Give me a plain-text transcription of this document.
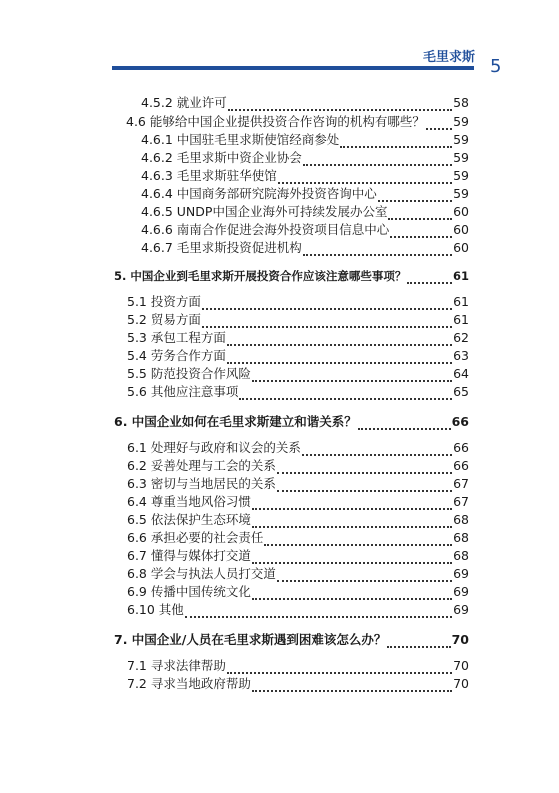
毛里求斯 5
4.5.2 就业许可	58
4.6 能够给中国企业提供投资合作咨询的机构有哪些？ 59
4.6.1 中国驻毛里求斯使馆经商参处	59
4.6.2 毛里求斯中资企业协会	59
4.6.3 毛里求斯驻华使馆	59
4.6.4 中国商务部研究院海外投资咨询中心	59
4.6.5 UNDP中国企业海外可持续发展办公室	60
4.6.6 南南合作促进会海外投资项目信息中心	60
4.6.7 毛里求斯投资促进机构	60
5. 中国企业到毛里求斯开展投资合作应该注意哪些事项？	61
5.1 投资方面	61
5.2 贸易方面	61
5.3 承包工程方面	62
5.4 劳务合作方面	63
5.5 防范投资合作风险	64
5.6 其他应注意事项	65
6. 中国企业如何在毛里求斯建立和谐关系？	66
6.1 处理好与政府和议会的关系	66
6.2 妥善处理与工会的关系	66
6.3 密切与当地居民的关系	67
6.4 尊重当地风俗习惯	67
6.5 依法保护生态环境	68
6.6 承担必要的社会责任	68
6.7 懂得与媒体打交道	68
6.8 学会与执法人员打交道	69
6.9 传播中国传统文化	69
6.10 其他	69
7. 中国企业/人员在毛里求斯遇到困难该怎么办？	70
7.1 寻求法律帮助	70
7.2 寻求当地政府帮助	70
